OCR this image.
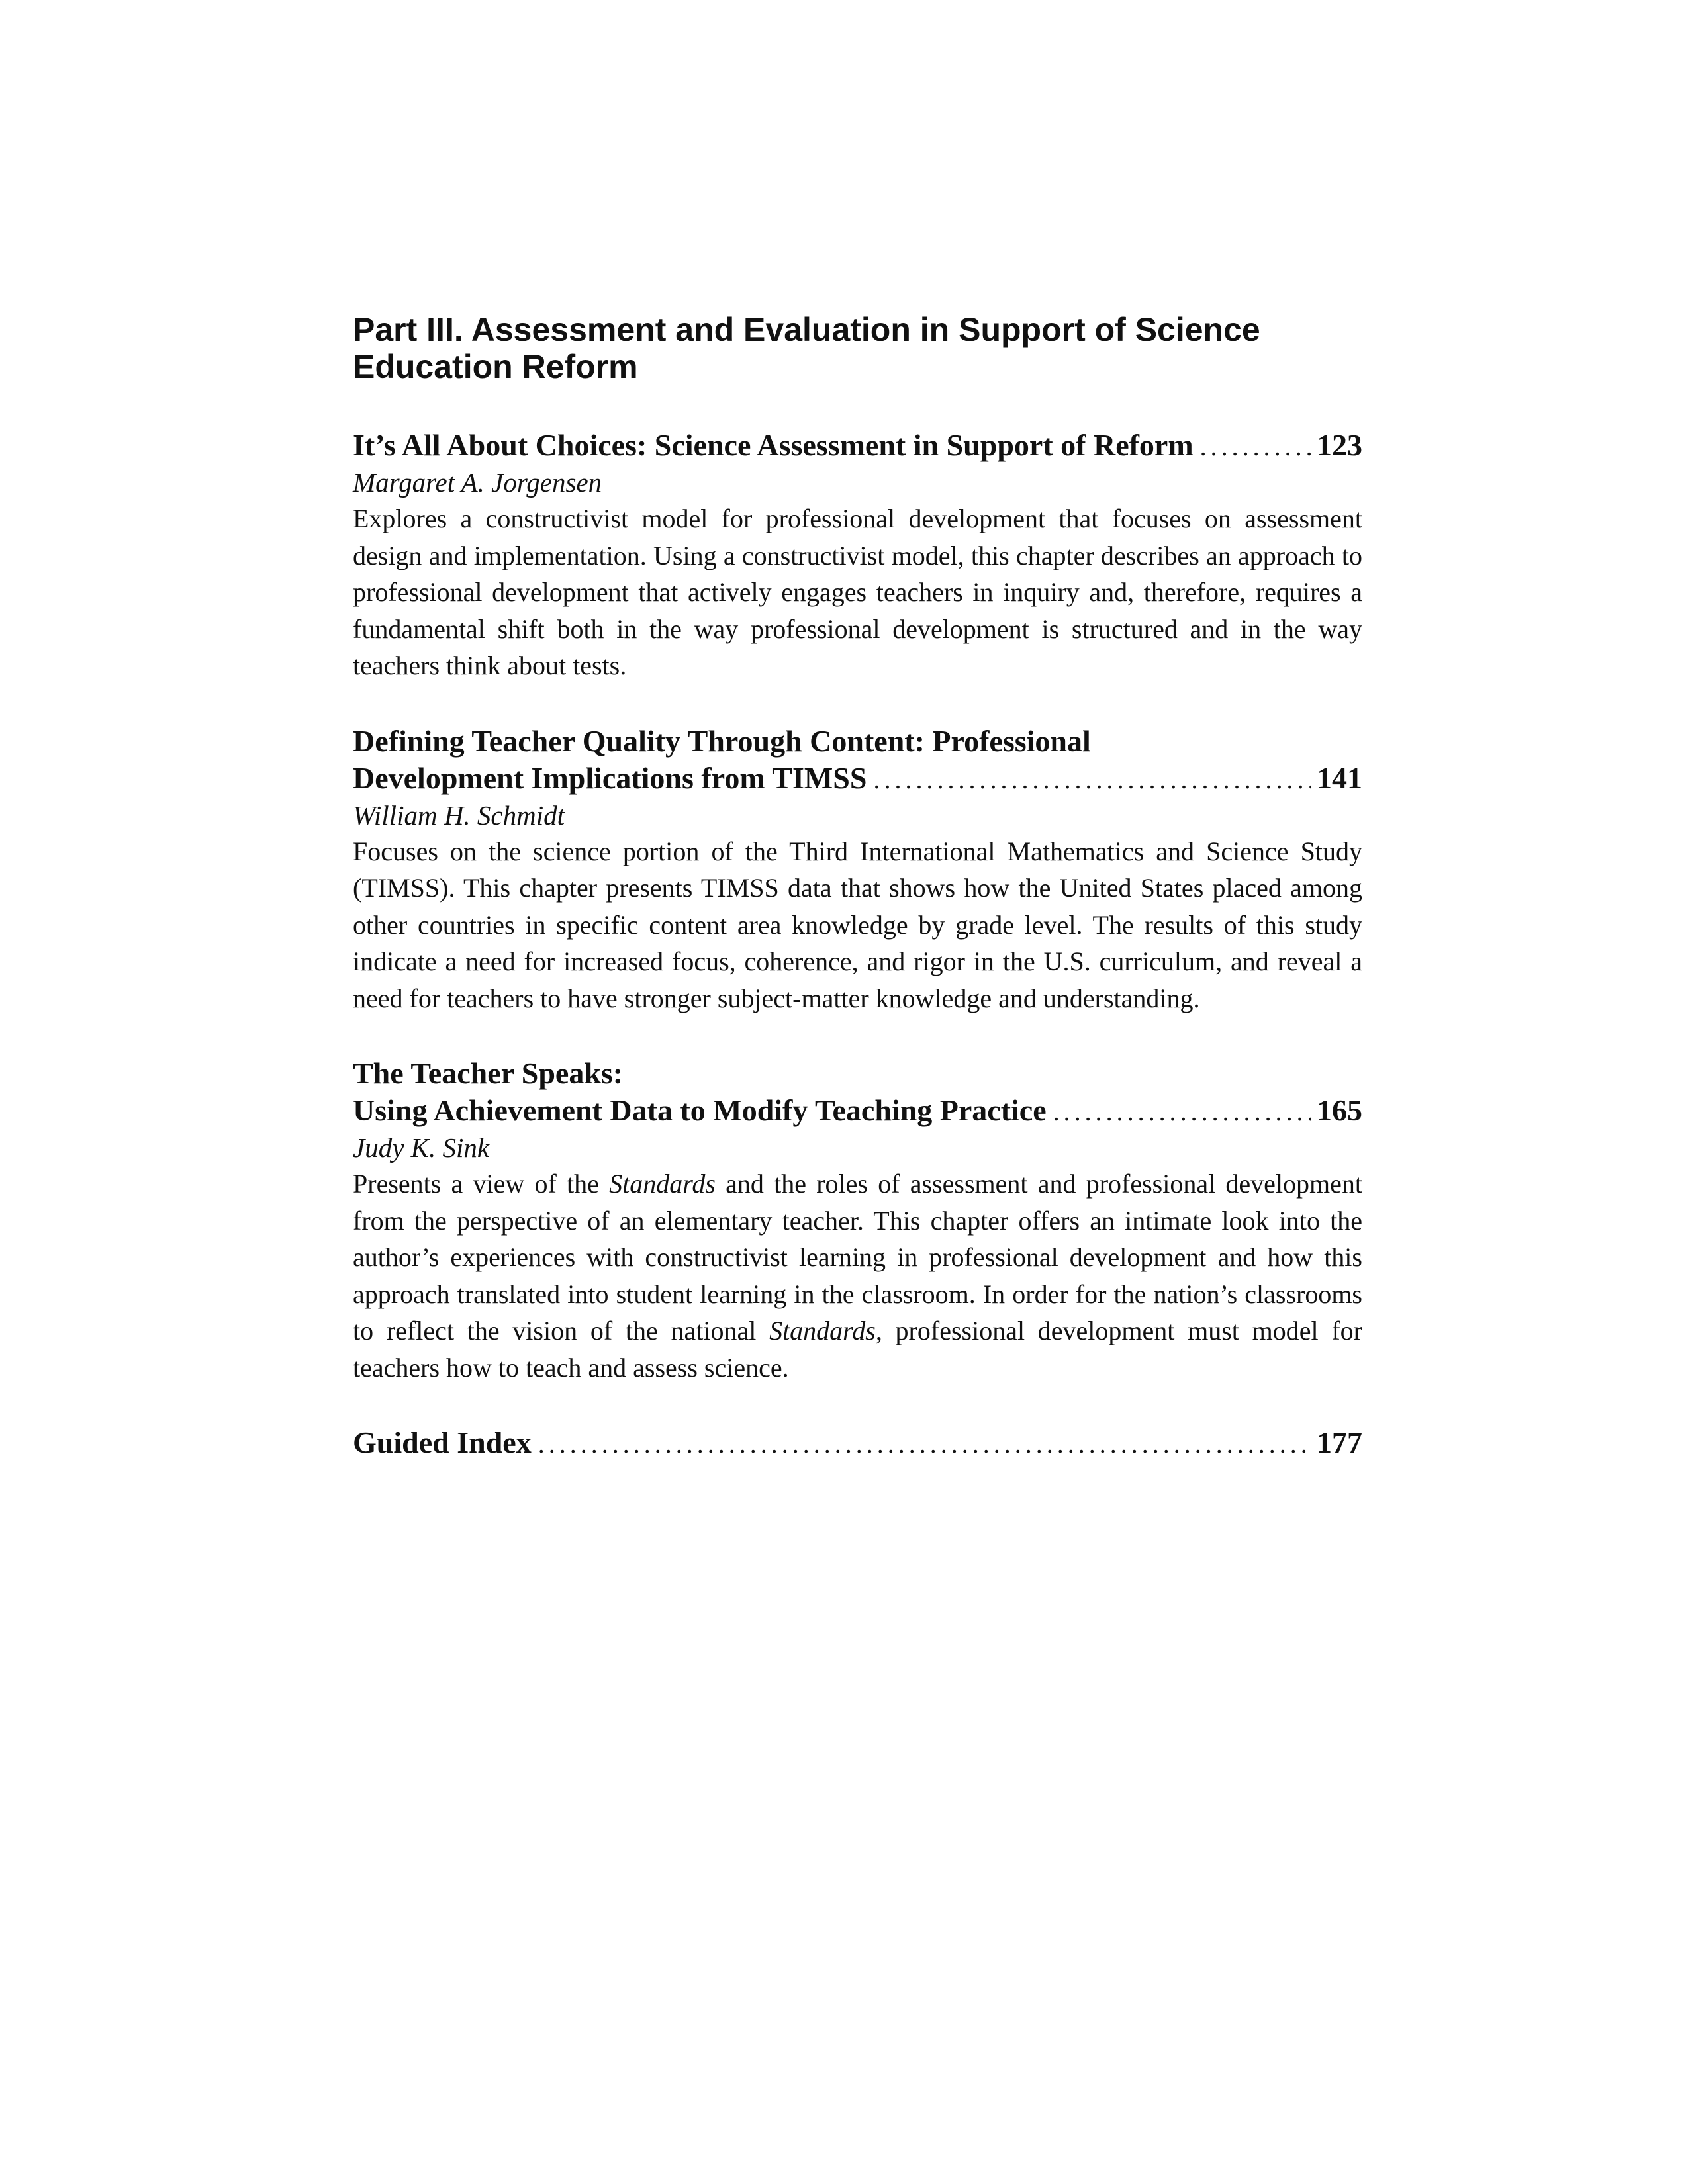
Part III. Assessment and Evaluation in Support of Science Education Reform
It’s All About Choices: Science Assessment in Support of Reform .....	123
Margaret A. Jorgensen

Explores a constructivist model for professional development that focuses on assessment design and implementation. Using a constructivist model, this chapter describes an approach to professional development that actively engages teachers in inquiry and, therefore, requires a fundamental shift both in the way professional development is structured and in the way teachers think about tests.

Defining Teacher Quality Through Content: Professional
Development Implications from TIMSS .....	141
William H. Schmidt

Focuses on the science portion of the Third International Mathematics and Science Study (TIMSS). This chapter presents TIMSS data that shows how the United States placed among other countries in specific content area knowledge by grade level. The results of this study indicate a need for increased focus, coherence, and rigor in the U.S. curriculum, and reveal a need for teachers to have stronger subject-matter knowledge and understanding.

The Teacher Speaks:
Using Achievement Data to Modify Teaching Practice .....	165
Judy K. Sink

Presents a view of the Standards and the roles of assessment and professional development from the perspective of an elementary teacher. This chapter offers an intimate look into the author’s experiences with constructivist learning in professional development and how this approach translated into student learning in the classroom. In order for the nation’s classrooms to reflect the vision of the national Standards, professional development must model for teachers how to teach and assess science.

Guided Index .....	177
